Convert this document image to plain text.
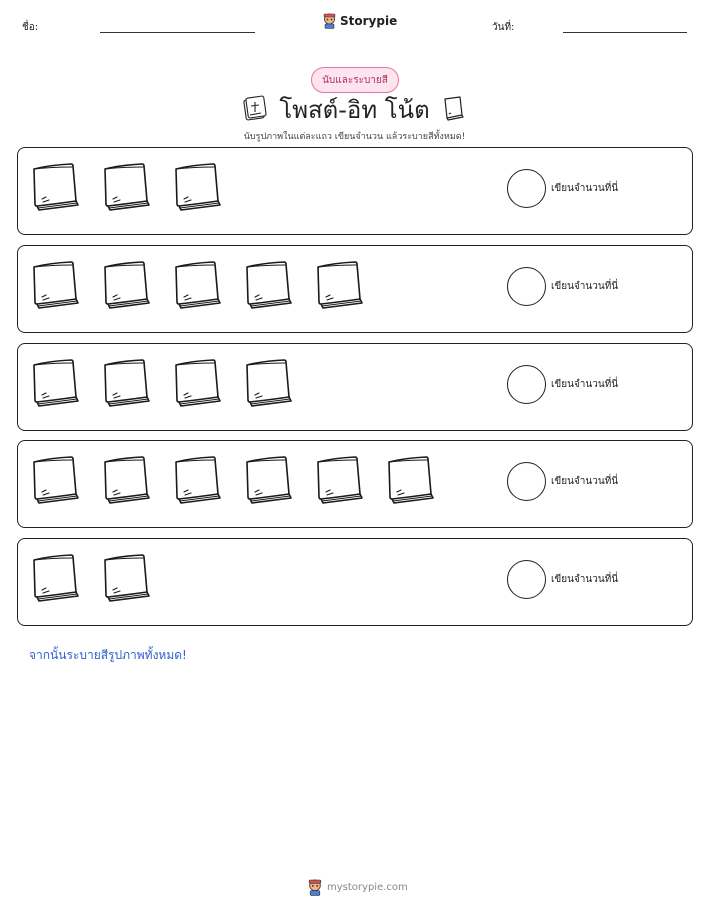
ชื่อ:	Storypie	วันที่:
นับและระบายสี
โพสต์-อิท โน้ต
นับรูปภาพในแต่ละแถว เขียนจำนวน แล้วระบายสีทั้งหมด!
เขียนจำนวนที่นี่
เขียนจำนวนที่นี่
เขียนจำนวนที่นี่
เขียนจำนวนที่นี่
เขียนจำนวนที่นี่
จากนั้นระบายสีรูปภาพทั้งหมด!
mystorypie.com
